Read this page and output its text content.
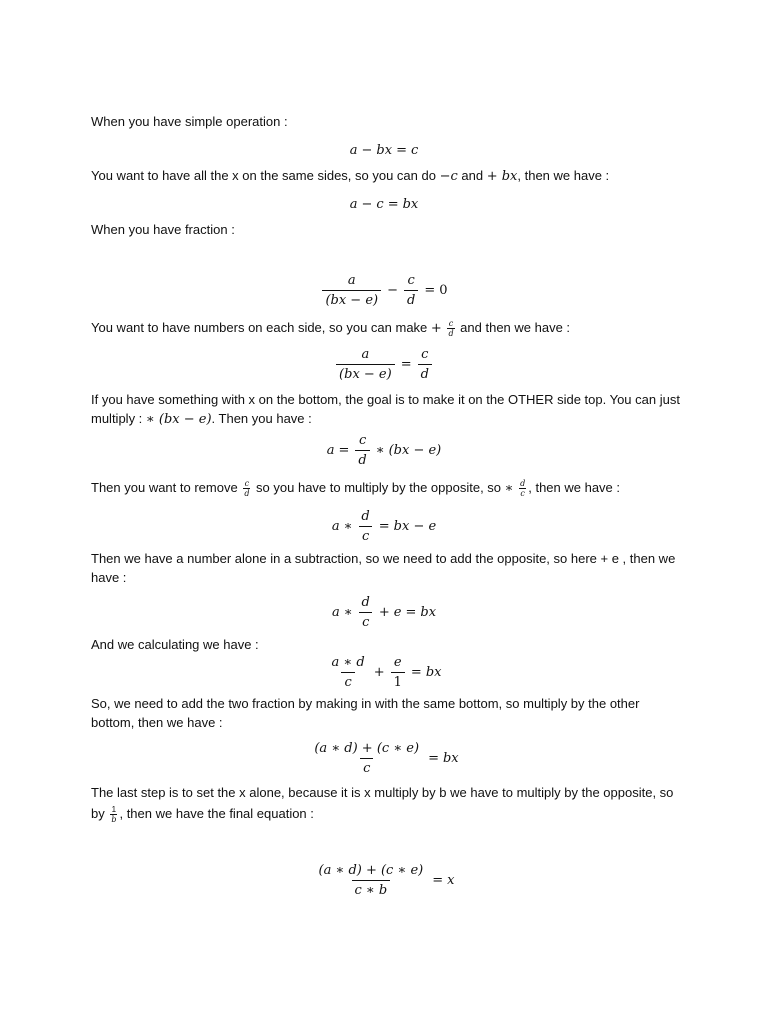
When you have simple operation :
a − bx = c
You want to have all the x on the same sides, so you can do −c and + bx, then we have :
a − c = bx
When you have fraction :
$\frac{a}{(bx - e)} - \frac{c}{d} = 0$
You want to have numbers on each side, so you can make + $\frac{c}{d}$ and then we have :
$\frac{a}{(bx - e)} = \frac{c}{d}$
If you have something with x on the bottom, the goal is to make it on the OTHER side top. You can just multiply : ∗ (bx − e). Then you have :
$a = \frac{c}{d}$ ∗ (bx − e)
Then you want to remove $\frac{c}{d}$ so you have to multiply by the opposite, so ∗ $\frac{d}{c}$ , then we have :
a ∗ $\frac{d}{c}$ = bx − e
Then we have a number alone in a subtraction, so we need to add the opposite, so here + e , then we have :
a ∗ $\frac{d}{c} + e$ = bx
And we calculating we have :
$\frac{a ∗ d}{c} + \frac{e}{1}$ = bx
So, we need to add the two fraction by making in with the same bottom, so multiply by the other bottom, then we have :
$\frac{(a ∗ d) + (c ∗ e)}{c}$ = bx
The last step is to set the x alone, because it is x multiply by b we have to multiply by the opposite, so by $\frac{1}{b}$ , then we have the final equation :
$\frac{(a ∗ d) + (c ∗ e)}{c ∗ b} = x$
